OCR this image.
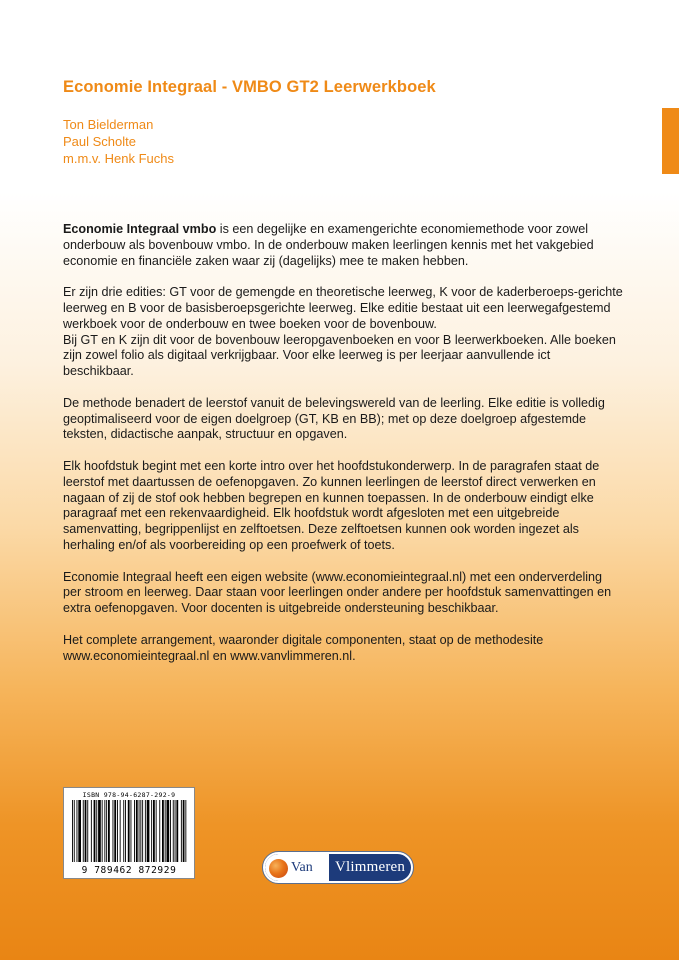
Economie Integraal - VMBO GT2 Leerwerkboek
Ton Bielderman
Paul Scholte
m.m.v. Henk Fuchs

Economie Integraal vmbo is een degelijke en examengerichte economiemethode voor zowel onderbouw als bovenbouw vmbo. In de onderbouw maken leerlingen kennis met het vakgebied economie en financiële zaken waar zij (dagelijks) mee te maken hebben.

Er zijn drie edities: GT voor de gemengde en theoretische leerweg, K voor de kaderberoeps-gerichte leerweg en B voor de basisberoepsgerichte leerweg. Elke editie bestaat uit een leerwegafgestemd werkboek voor de onderbouw en twee boeken voor de bovenbouw.
Bij GT en K zijn dit voor de bovenbouw leeropgavenboeken en voor B leerwerkboeken. Alle boeken zijn zowel folio als digitaal verkrijgbaar. Voor elke leerweg is per leerjaar aanvullende ict beschikbaar.

De methode benadert de leerstof vanuit de belevingswereld van de leerling. Elke editie is volledig geoptimaliseerd voor de eigen doelgroep (GT, KB en BB); met op deze doelgroep afgestemde teksten, didactische aanpak, structuur en opgaven.

Elk hoofdstuk begint met een korte intro over het hoofdstukonderwerp. In de paragrafen staat de leerstof met daartussen de oefenopgaven. Zo kunnen leerlingen de leerstof direct verwerken en nagaan of zij de stof ook hebben begrepen en kunnen toepassen. In de onderbouw eindigt elke paragraaf met een rekenvaardigheid. Elk hoofdstuk wordt afgesloten met een uitgebreide samenvatting, begrippenlijst en zelftoetsen. Deze zelftoetsen kunnen ook worden ingezet als herhaling en/of als voorbereiding op een proefwerk of toets.

Economie Integraal heeft een eigen website (www.economieintegraal.nl) met een onderverdeling per stroom en leerweg. Daar staan voor leerlingen onder andere per hoofdstuk samenvattingen en extra oefenopgaven. Voor docenten is uitgebreide ondersteuning beschikbaar.

Het complete arrangement, waaronder digitale componenten, staat op de methodesite www.economieintegraal.nl en www.vanvlimmeren.nl.

ISBN 978-94-6287-292-9
9 789462 872929	Van Vlimmeren
